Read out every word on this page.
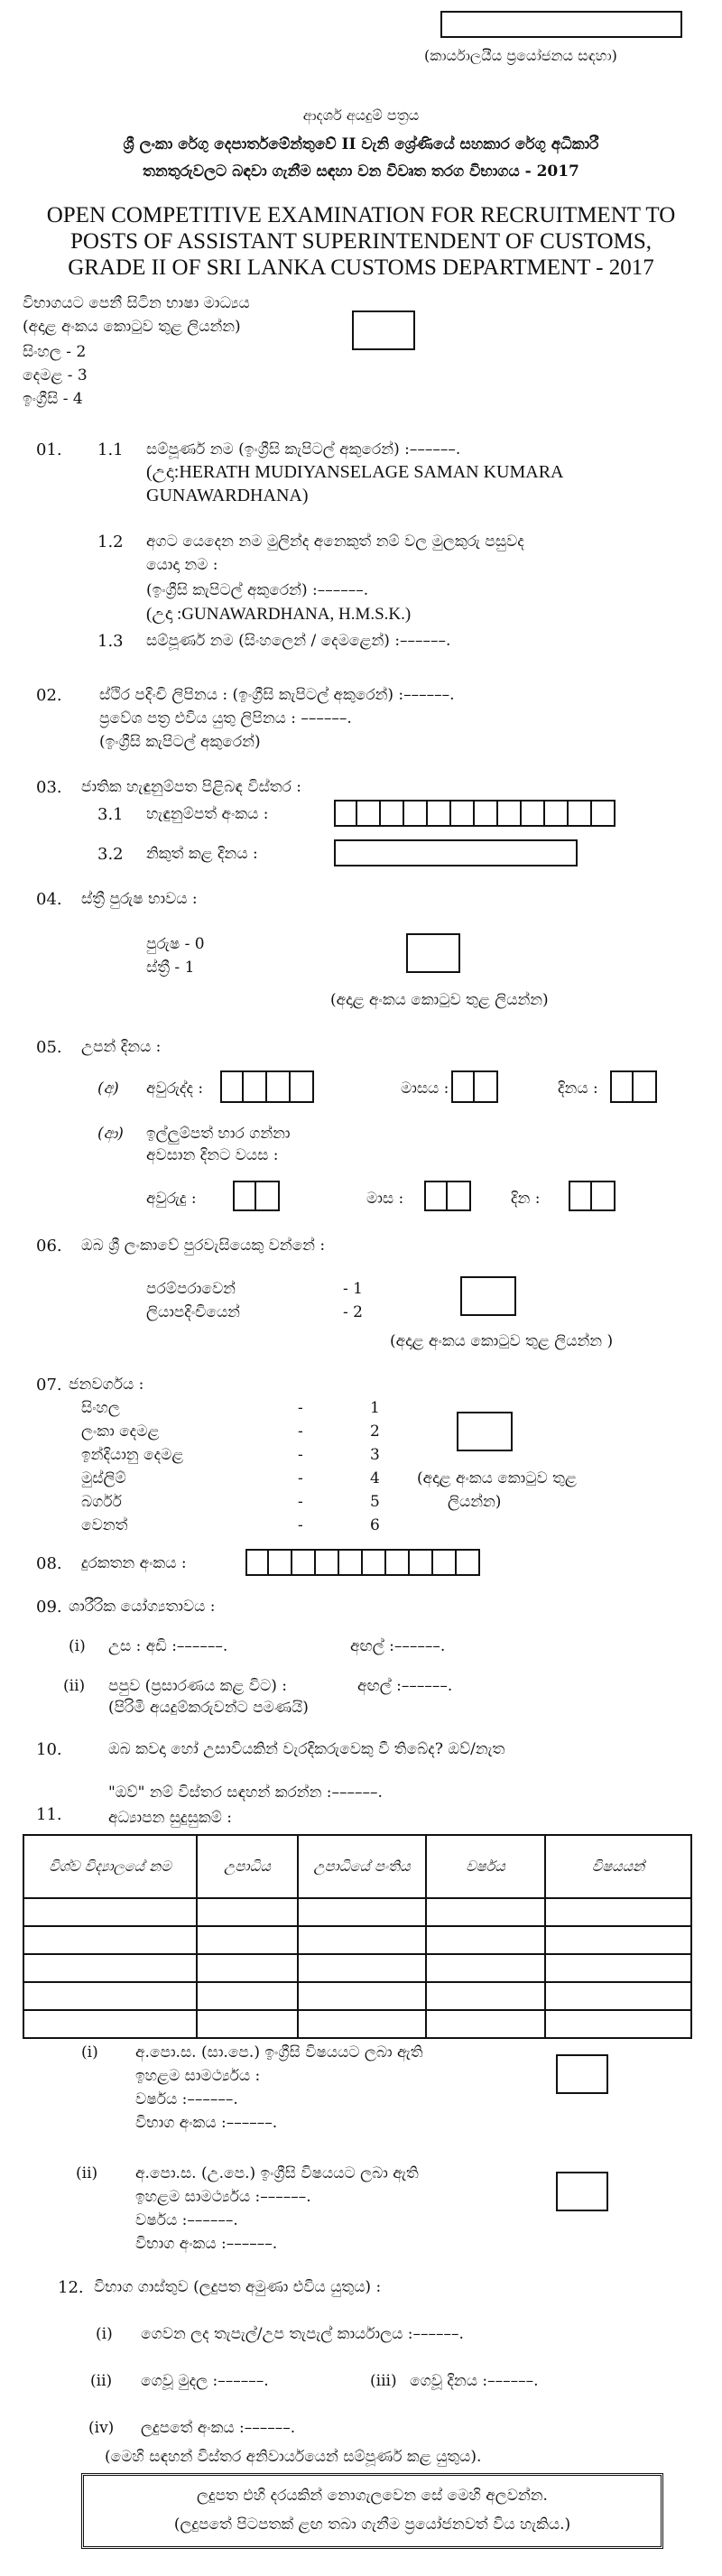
(කාර්යාලයීය ප්‍රයෝජනය සඳහා)
ආදර්ශ අයදුම් පත්‍රය
ශ්‍රී ලංකා රේගු දෙපාර්තමේන්තුවේ II වැනි ශ්‍රේණියේ සහකාර රේගු අධිකාරී
තනතුරුවලට බඳවා ගැනීම සඳහා වන විවෘත තරග විභාගය - 2017
OPEN COMPETITIVE EXAMINATION FOR RECRUITMENT TO
POSTS OF ASSISTANT SUPERINTENDENT OF CUSTOMS,
GRADE II OF SRI LANKA CUSTOMS DEPARTMENT - 2017
විභාගයට පෙනී සිටින භාෂා මාධ්‍යය
(අදාළ අංකය කොටුව තුළ ලියන්න)
සිංහල - 2
දෙමළ - 3
ඉංග්‍රීසි - 4
01. 1.1 සම්පූර්ණ නම (ඉංග්‍රීසි කැපිටල් අකුරෙන්) :––––––.
(උදා:HERATH MUDIYANSELAGE SAMAN KUMARA
GUNAWARDHANA)
1.2 අගට යෙදෙන නම මුලින්ද අනෙකුත් නම් වල මුලකුරු පසුවද
යොදා නම :
(ඉංග්‍රීසි කැපිටල් අකුරෙන්) :––––––.
(උදා :GUNAWARDHANA, H.M.S.K.)
1.3 සම්පූර්ණ නම (සිංහලෙන් / දෙමළෙන්) :––––––.
02. ස්ථිර පදිංචි ලිපිනය : (ඉංග්‍රීසි කැපිටල් අකුරෙන්) :––––––.
ප්‍රවේශ පත්‍ර එවිය යුතු ලිපිනය : ––––––.
(ඉංග්‍රීසි කැපිටල් අකුරෙන්)
03. ජාතික හැඳුනුම්පත පිළිබඳ විස්තර :
3.1 හැඳුනුම්පත් අංකය :
3.2 නිකුත් කළ දිනය :
04. ස්ත්‍රී පුරුෂ භාවය :
පුරුෂ - 0
ස්ත්‍රී - 1
(අදාළ අංකය කොටුව තුළ ලියන්න)
05. උපන් දිනය :
(අ) අවුරුද්ද :	මාසය :	දිනය :
(ආ) ඉල්ලුම්පත් භාර ගන්නා
අවසාන දිනට වයස :
අවුරුදු :	මාස :	දින :
06. ඔබ ශ්‍රී ලංකාවේ පුරවැසියෙකු වන්නේ :
පරම්පරාවෙන්	- 1
ලියාපදිංචියෙන්	- 2
(අදාළ අංකය කොටුව තුළ ලියන්න )
07. ජනවර්ගය :
සිංහල	-	1
ලංකා දෙමළ	-	2
ඉන්දියානු දෙමළ	-	3
මුස්ලිම්	-	4
බර්ගර්	-	5
වෙනත්	-	6
(අදාළ අංකය කොටුව තුළ
ලියන්න)
08. දුරකතන අංකය :
09. ශාරීරික යෝග්‍යතාවය :
(i) උස : අඩි :––––––.	අඟල් :––––––.
(ii) පපුව (ප්‍රසාරණය කළ විට) :	අඟල් :––––––.
(පිරිමි අයදුම්කරුවන්ට පමණයි)
10.	ඔබ කවදා හෝ උසාවියකින් වැරදිකරුවෙකු වී තිබේද? ඔව්/නැත
"ඔව්" නම් විස්තර සඳහන් කරන්න :––––––.
11.	අධ්‍යාපන සුදුසුකම් :
විශ්ව විද්‍යාලයේ නම	උපාධිය	උපාධියේ පංතිය	වර්ෂය	විෂයයන්

(i) අ.පො.ස. (සා.පෙ.) ඉංග්‍රීසි විෂයයට ලබා ඇති
ඉහළම සාමර්ථ්‍යය :
වර්ෂය :––––––.
විභාග අංකය :––––––.
(ii) අ.පො.ස. (උ.පෙ.) ඉංග්‍රීසි විෂයයට ලබා ඇති
ඉහළම සාමර්ථ්‍යය :––––––.
වර්ෂය :––––––.
විභාග අංකය :––––––.
12. විභාග ගාස්තුව (ලදුපත අමුණා එවිය යුතුය) :
(i) ගෙවන ලද තැපැල්/උප තැපැල් කාර්යාලය :––––––.
(ii) ගෙවූ මුදල :––––––.	(iii) ගෙවූ දිනය :––––––.
(iv) ලදුපතේ අංකය :––––––.
(මෙහි සඳහන් විස්තර අනිවාර්යයෙන් සම්පූර්ණ කළ යුතුය).
ලදුපත එහි දරයකින් නොගැලවෙන සේ මෙහි අලවන්න.
(ලදුපතේ පිටපතක් ළඟ තබා ගැනීම ප්‍රයෝජනවත් විය හැකිය.)
